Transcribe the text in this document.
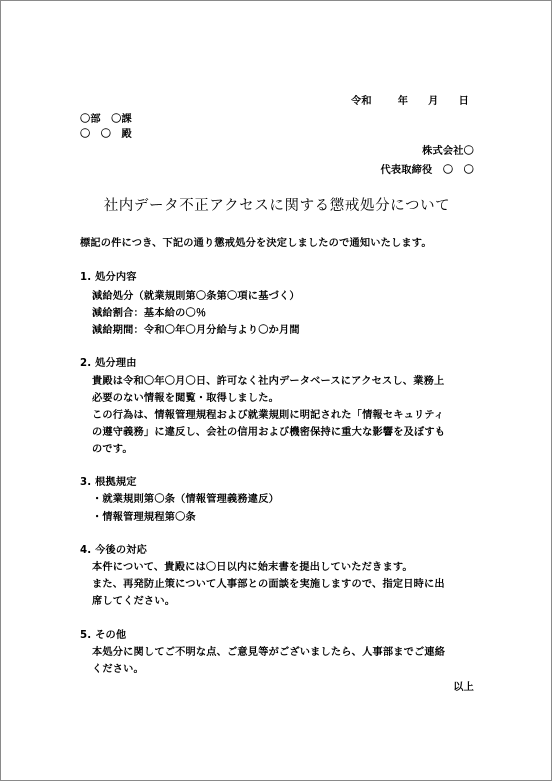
令和	年 月 日
〇部　〇課
〇　〇　殿
株式会社〇
代表取締役　〇　〇
社内データ不正アクセスに関する懲戒処分について
標記の件につき、下記の通り懲戒処分を決定しましたので通知いたします。
1. 処分内容
減給処分（就業規則第〇条第〇項に基づく）
減給割合：基本給の〇％
減給期間：令和〇年〇月分給与より〇か月間
2. 処分理由
貴殿は令和〇年〇月〇日、許可なく社内データベースにアクセスし、業務上
必要のない情報を閲覧・取得しました。
この行為は、情報管理規程および就業規則に明記された「情報セキュリティ
の遵守義務」に違反し、会社の信用および機密保持に重大な影響を及ぼすも
のです。
3. 根拠規定
・就業規則第〇条（情報管理義務違反）
・情報管理規程第〇条
4. 今後の対応
本件について、貴殿には〇日以内に始末書を提出していただきます。
また、再発防止策について人事部との面談を実施しますので、指定日時に出
席してください。
5. その他
本処分に関してご不明な点、ご意見等がございましたら、人事部までご連絡
ください。
以上
